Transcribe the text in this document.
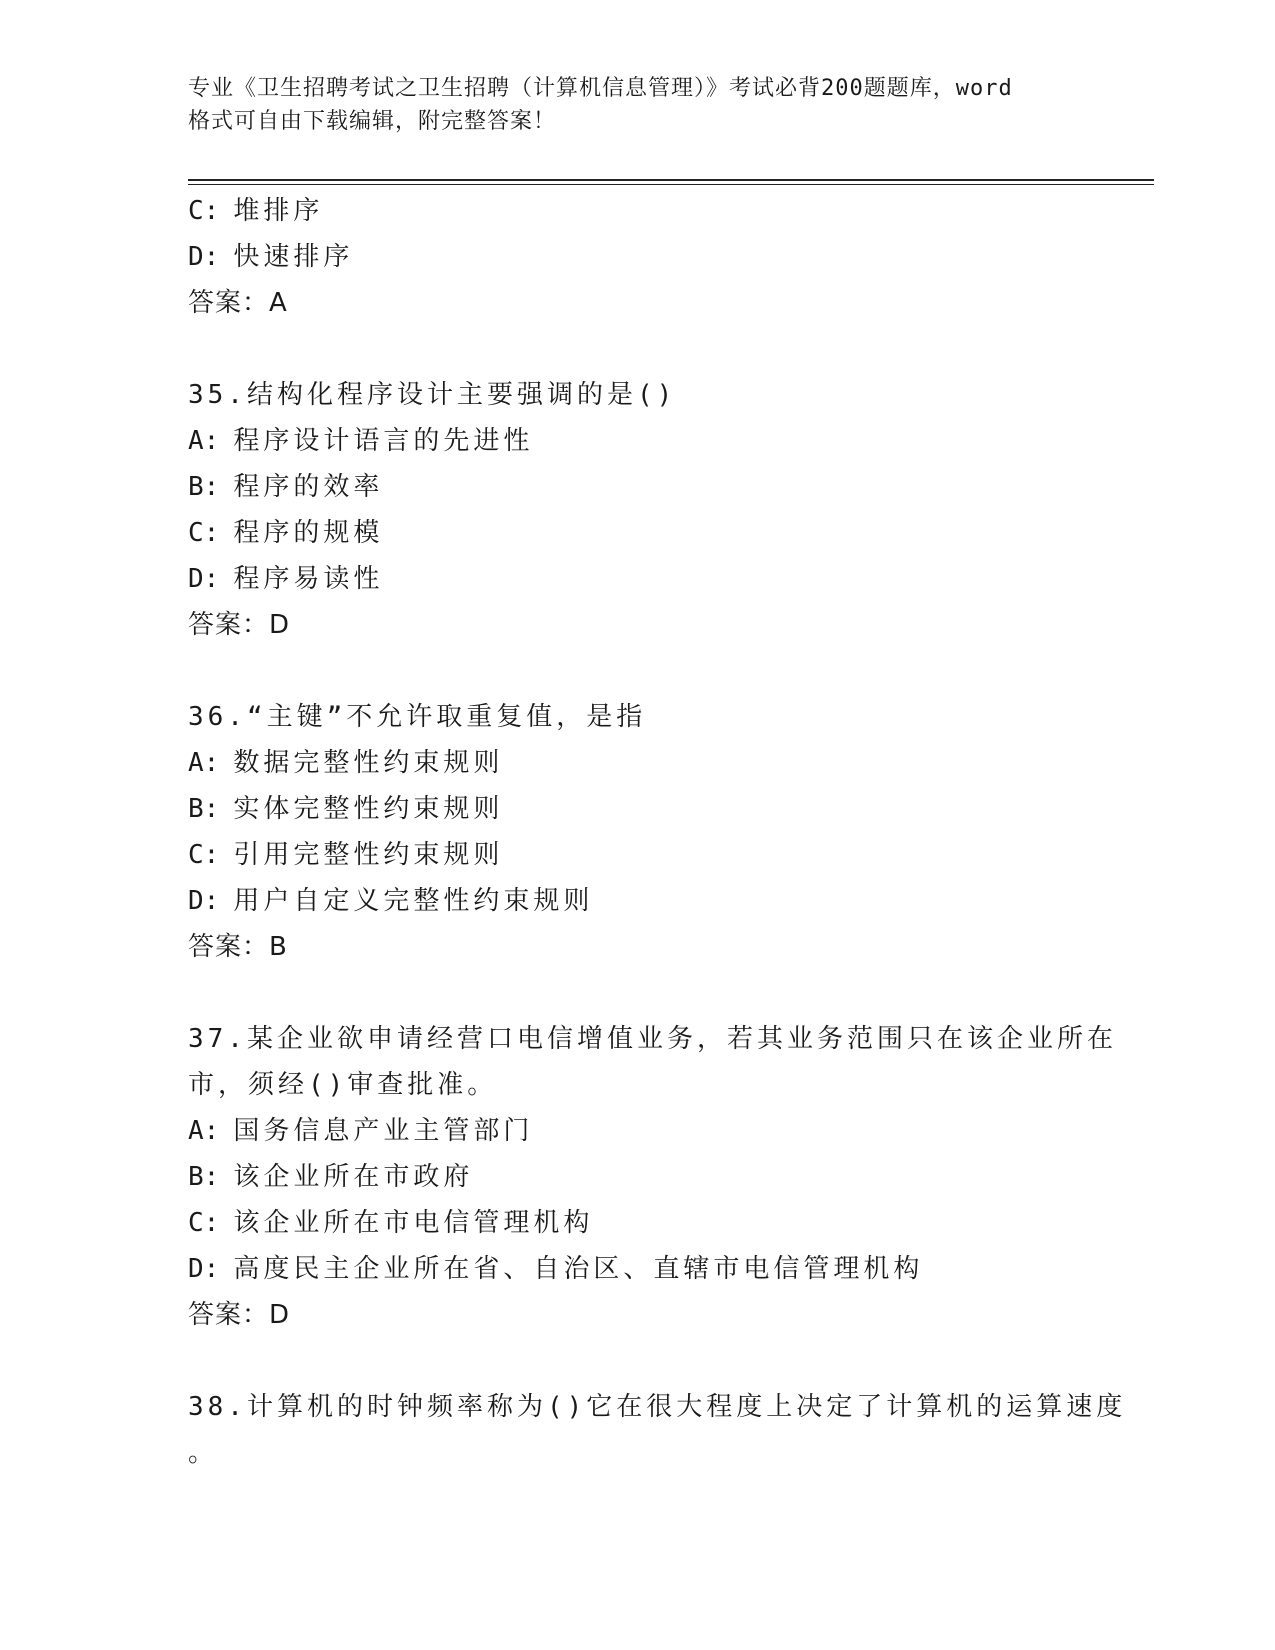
专业《卫生招聘考试之卫生招聘（计算机信息管理）》考试必背200题题库，word
格式可自由下载编辑，附完整答案！
C: 堆排序
D: 快速排序
答案：A
35.结构化程序设计主要强调的是()
A: 程序设计语言的先进性
B: 程序的效率
C: 程序的规模
D: 程序易读性
答案：D
36.“主键”不允许取重复值，是指
A: 数据完整性约束规则
B: 实体完整性约束规则
C: 引用完整性约束规则
D: 用户自定义完整性约束规则
答案：B
37.某企业欲申请经营口电信增值业务，若其业务范围只在该企业所在
市，须经()审查批准。
A: 国务信息产业主管部门
B: 该企业所在市政府
C: 该企业所在市电信管理机构
D: 高度民主企业所在省、自治区、直辖市电信管理机构
答案：D
38.计算机的时钟频率称为()它在很大程度上决定了计算机的运算速度
。
